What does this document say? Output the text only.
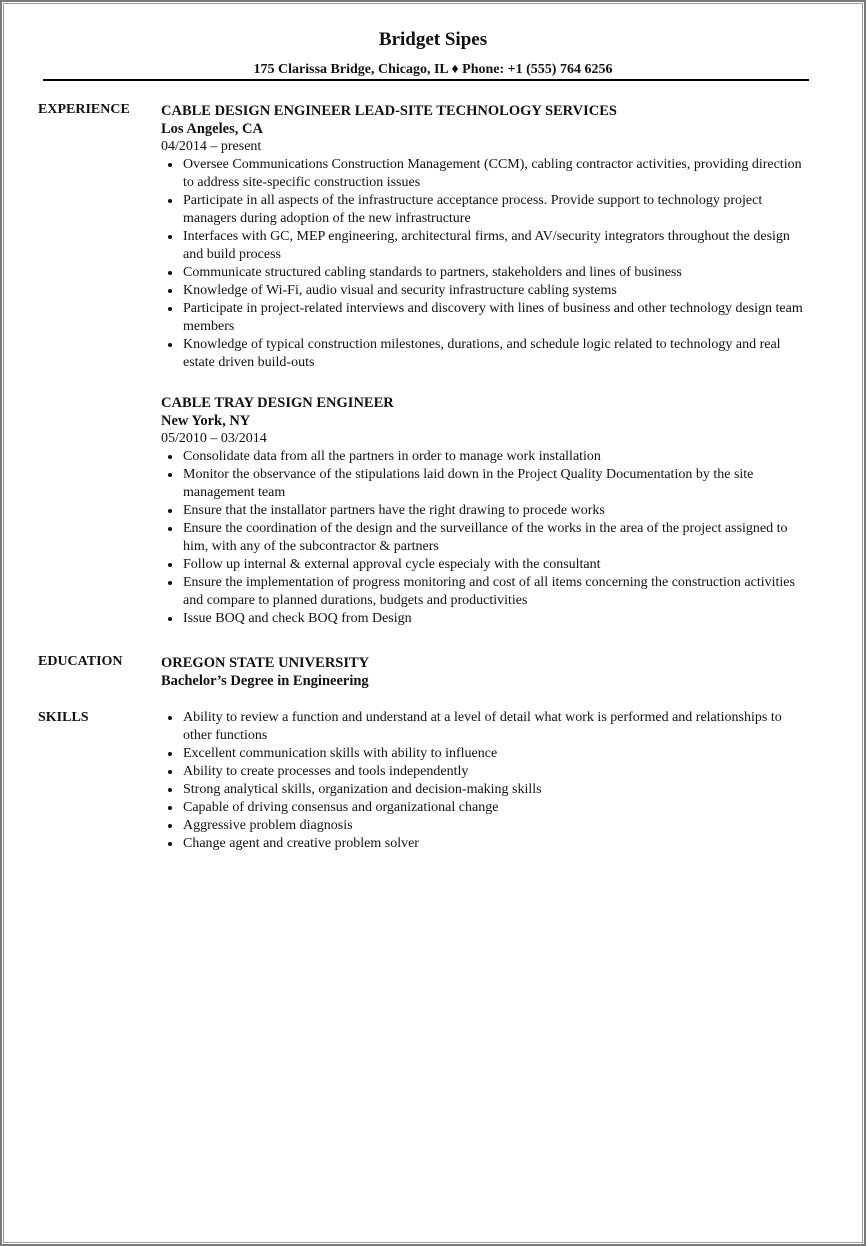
Bridget Sipes
175 Clarissa Bridge, Chicago, IL ♦ Phone: +1 (555) 764 6256
EXPERIENCE CABLE DESIGN ENGINEER LEAD-SITE TECHNOLOGY SERVICES
Los Angeles, CA
04/2014 – present
Oversee Communications Construction Management (CCM), cabling contractor activities, providing direction to address site-specific construction issues
Participate in all aspects of the infrastructure acceptance process. Provide support to technology project managers during adoption of the new infrastructure
Interfaces with GC, MEP engineering, architectural firms, and AV/security integrators throughout the design and build process
Communicate structured cabling standards to partners, stakeholders and lines of business
Knowledge of Wi-Fi, audio visual and security infrastructure cabling systems
Participate in project-related interviews and discovery with lines of business and other technology design team members
Knowledge of typical construction milestones, durations, and schedule logic related to technology and real estate driven build-outs
CABLE TRAY DESIGN ENGINEER
New York, NY
05/2010 – 03/2014
Consolidate data from all the partners in order to manage work installation
Monitor the observance of the stipulations laid down in the Project Quality Documentation by the site management team
Ensure that the installator partners have the right drawing to procede works
Ensure the coordination of the design and the surveillance of the works in the area of the project assigned to him, with any of the subcontractor & partners
Follow up internal & external approval cycle especialy with the consultant
Ensure the implementation of progress monitoring and cost of all items concerning the construction activities and compare to planned durations, budgets and productivities
Issue BOQ and check BOQ from Design
EDUCATION	OREGON STATE UNIVERSITY
Bachelor’s Degree in Engineering
SKILLS	Ability to review a function and understand at a level of detail what work is performed and relationships to other functions
Excellent communication skills with ability to influence
Ability to create processes and tools independently
Strong analytical skills, organization and decision-making skills
Capable of driving consensus and organizational change
Aggressive problem diagnosis
Change agent and creative problem solver
